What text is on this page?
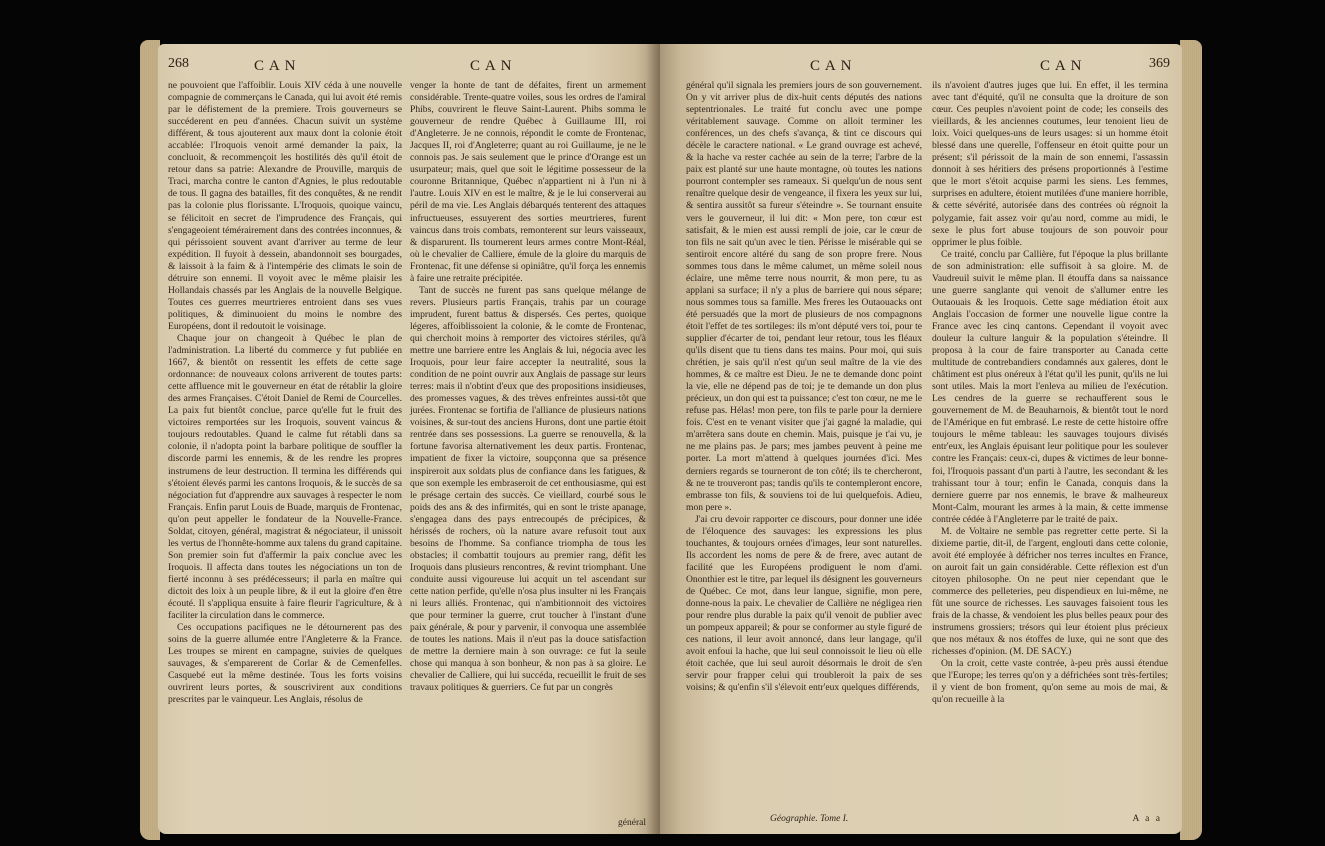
268	C A N	C A N

ne pouvoient que l'affoiblir. Louis XIV céda à une nouvelle compagnie de commerçans le Canada, qui lui avoit été remis par le défistement de la premiere. Trois gouverneurs se succéderent en peu d'années. Chacun suivit un système différent, & tous ajouterent aux maux dont la colonie étoit accablée: l'Iroquois venoit armé demander la paix, la concluoit, & recommençoit les hostilités dès qu'il étoit de retour dans sa patrie: Alexandre de Prouville, marquis de Traci, marcha contre le canton d'Agnies, le plus redoutable de tous. Il gagna des batailles, fit des conquêtes, & ne rendit pas la colonie plus florissante. L'Iroquois, quoique vaincu, se félicitoit en secret de l'imprudence des Français, qui s'engageoient témérairement dans des contrées inconnues, & qui périssoient souvent avant d'arriver au terme de leur expédition. Il fuyoit à dessein, abandonnoit ses bourgades, & laissoit à la faim & à l'intempérie des climats le soin de détruire son ennemi. Il voyoit avec le même plaisir les Hollandais chassés par les Anglais de la nouvelle Belgique. Toutes ces guerres meurtrieres entroient dans ses vues politiques, & diminuoient du moins le nombre des Européens, dont il redoutoit le voisinage.

Chaque jour on changeoit à Québec le plan de l'administration. La liberté du commerce y fut publiée en 1667, & bientôt on ressentit les effets de cette sage ordonnance: de nouveaux colons arriverent de toutes parts: cette affluence mit le gouverneur en état de rétablir la gloire des armes Françaises. C'étoit Daniel de Remi de Courcelles. La paix fut bientôt conclue, parce qu'elle fut le fruit des victoires remportées sur les Iroquois, souvent vaincus & toujours redoutables. Quand le calme fut rétabli dans sa colonie, il n'adopta point la barbare politique de souffler la discorde parmi les ennemis, & de les rendre les propres instrumens de leur destruction. Il termina les différends qui s'étoient élevés parmi les cantons Iroquois, & le succès de sa négociation fut d'apprendre aux sauvages à respecter le nom Français. Enfin parut Louis de Buade, marquis de Frontenac, qu'on peut appeller le fondateur de la Nouvelle-France. Soldat, citoyen, général, magistrat & négociateur, il unissoit les vertus de l'honnête-homme aux talens du grand capitaine. Son premier soin fut d'affermir la paix conclue avec les Iroquois. Il affecta dans toutes les négociations un ton de fierté inconnu à ses prédécesseurs; il parla en maître qui dictoit des loix à un peuple libre, & il eut la gloire d'en être écouté. Il s'appliqua ensuite à faire fleurir l'agriculture, & à faciliter la circulation dans le commerce.

Ces occupations pacifiques ne le détournerent pas des soins de la guerre allumée entre l'Angleterre & la France. Les troupes se mirent en campagne, suivies de quelques sauvages, & s'emparerent de Corlar & de Cemenfelles. Casquebé eut la même destinée. Tous les forts voisins ouvrirent leurs portes, & souscrivirent aux conditions prescrites par le vainqueur. Les Anglais, résolus de

venger la honte de tant de défaites, firent un armement considérable. Trente-quatre voiles, sous les ordres de l'amiral Phibs, couvrirent le fleuve Saint-Laurent. Phibs somma le gouverneur de rendre Québec à Guillaume III, roi d'Angleterre. Je ne connois, répondit le comte de Frontenac, Jacques II, roi d'Angleterre; quant au roi Guillaume, je ne le connois pas. Je sais seulement que le prince d'Orange est un usurpateur; mais, quel que soit le légitime possesseur de la couronne Britannique, Québec n'appartient ni à l'un ni à l'autre. Louis XIV en est le maître, & je le lui conserverai au péril de ma vie. Les Anglais débarqués tenterent des attaques infructueuses, essuyerent des sorties meurtrieres, furent vaincus dans trois combats, remonterent sur leurs vaisseaux, & disparurent. Ils tournerent leurs armes contre Mont-Réal, où le chevalier de Calliere, émule de la gloire du marquis de Frontenac, fit une défense si opiniâtre, qu'il força les ennemis à faire une retraite précipitée.

Tant de succès ne furent pas sans quelque mélange de revers. Plusieurs partis Français, trahis par un courage imprudent, furent battus & dispersés. Ces pertes, quoique légeres, affoiblissoient la colonie, & le comte de Frontenac, qui cherchoit moins à remporter des victoires stériles, qu'à mettre une barriere entre les Anglais & lui, négocia avec les Iroquois, pour leur faire accepter la neutralité, sous la condition de ne point ouvrir aux Anglais de passage sur leurs terres: mais il n'obtint d'eux que des propositions insidieuses, des promesses vagues, & des trèves enfreintes aussi-tôt que jurées. Frontenac se fortifia de l'alliance de plusieurs nations voisines, & sur-tout des anciens Hurons, dont une partie étoit rentrée dans ses possessions. La guerre se renouvella, & la fortune favorisa alternativement les deux partis. Frontenac, impatient de fixer la victoire, soupçonna que sa présence inspireroit aux soldats plus de confiance dans les fatigues, & que son exemple les embraseroit de cet enthousiasme, qui est le présage certain des succès. Ce vieillard, courbé sous le poids des ans & des infirmités, qui en sont le triste apanage, s'engagea dans des pays entrecoupés de précipices, & hérissés de rochers, où la nature avare refusoit tout aux besoins de l'homme. Sa confiance triompha de tous les obstacles; il combattit toujours au premier rang, défit les Iroquois dans plusieurs rencontres, & revint triomphant. Une conduite aussi vigoureuse lui acquit un tel ascendant sur cette nation perfide, qu'elle n'osa plus insulter ni les Français ni leurs alliés. Frontenac, qui n'ambitionnoit des victoires que pour terminer la guerre, crut toucher à l'instant d'une paix générale, & pour y parvenir, il convoqua une assemblée de toutes les nations. Mais il n'eut pas la douce satisfaction de mettre la derniere main à son ouvrage: ce fut la seule chose qui manqua à son bonheur, & non pas à sa gloire. Le chevalier de Calliere, qui lui succéda, recueillit le fruit de ses travaux politiques & guerriers. Ce fut par un congrès

général
C A N	C A N	369

général qu'il signala les premiers jours de son gouvernement. On y vit arriver plus de dix-huit cents députés des nations septentrionales. Le traité fut conclu avec une pompe véritablement sauvage. Comme on alloit terminer les conférences, un des chefs s'avança, & tint ce discours qui décèle le caractere national. « Le grand ouvrage est achevé, & la hache va rester cachée au sein de la terre; l'arbre de la paix est planté sur une haute montagne, où toutes les nations pourront contempler ses rameaux. Si quelqu'un de nous sent renaître quelque desir de vengeance, il fixera les yeux sur lui, & sentira aussitôt sa fureur s'éteindre ». Se tournant ensuite vers le gouverneur, il lui dit: « Mon pere, ton cœur est satisfait, & le mien est aussi rempli de joie, car le cœur de ton fils ne sait qu'un avec le tien. Périsse le misérable qui se sentiroit encore altéré du sang de son propre frere. Nous sommes tous dans le même calumet, un même soleil nous éclaire, une même terre nous nourrit, & mon pere, tu as applani sa surface; il n'y a plus de barriere qui nous sépare; nous sommes tous sa famille. Mes freres les Outaouacks ont été persuadés que la mort de plusieurs de nos compagnons étoit l'effet de tes sortileges: ils m'ont député vers toi, pour te supplier d'écarter de toi, pendant leur retour, tous les fléaux qu'ils disent que tu tiens dans tes mains. Pour moi, qui suis chrétien, je sais qu'il n'est qu'un seul maître de la vie des hommes, & ce maître est Dieu. Je ne te demande donc point la vie, elle ne dépend pas de toi; je te demande un don plus précieux, un don qui est ta puissance; c'est ton cœur, ne me le refuse pas. Hélas! mon pere, ton fils te parle pour la derniere fois. C'est en te venant visiter que j'ai gagné la maladie, qui m'arrêtera sans doute en chemin. Mais, puisque je t'ai vu, je ne me plains pas. Je pars; mes jambes peuvent à peine me porter. La mort m'attend à quelques journées d'ici. Mes derniers regards se tourneront de ton côté; ils te chercheront, & ne te trouveront pas; tandis qu'ils te contempleront encore, embrasse ton fils, & souviens toi de lui quelquefois. Adieu, mon pere ».

J'ai cru devoir rapporter ce discours, pour donner une idée de l'éloquence des sauvages: les expressions les plus touchantes, & toujours ornées d'images, leur sont naturelles. Ils accordent les noms de pere & de frere, avec autant de facilité que les Européens prodiguent le nom d'ami. Ononthier est le titre, par lequel ils désignent les gouverneurs de Québec. Ce mot, dans leur langue, signifie, mon pere, donne-nous la paix. Le chevalier de Callière ne négligea rien pour rendre plus durable la paix qu'il venoit de publier avec un pompeux appareil; & pour se conformer au style figuré de ces nations, il leur avoit annoncé, dans leur langage, qu'il avoit enfoui la hache, que lui seul connoissoit le lieu où elle étoit cachée, que lui seul auroit désormais le droit de s'en servir pour frapper celui qui troubleroit la paix de ses voisins; & qu'enfin s'il s'élevoit entr'eux quelques différends,

ils n'avoient d'autres juges que lui. En effet, il les termina avec tant d'équité, qu'il ne consulta que la droiture de son cœur. Ces peuples n'avoient point de code; les conseils des vieillards, & les anciennes coutumes, leur tenoient lieu de loix. Voici quelques-uns de leurs usages: si un homme étoit blessé dans une querelle, l'offenseur en étoit quitte pour un présent; s'il périssoit de la main de son ennemi, l'assassin donnoit à ses héritiers des présens proportionnés à l'estime que le mort s'étoit acquise parmi les siens. Les femmes, surprises en adultere, étoient mutilées d'une maniere horrible, & cette sévérité, autorisée dans des contrées où régnoit la polygamie, fait assez voir qu'au nord, comme au midi, le sexe le plus fort abuse toujours de son pouvoir pour opprimer le plus foible.

Ce traité, conclu par Callière, fut l'époque la plus brillante de son administration: elle suffisoit à sa gloire. M. de Vaudreuil suivit le même plan. Il étouffa dans sa naissance une guerre sanglante qui venoit de s'allumer entre les Outaouais & les Iroquois. Cette sage médiation étoit aux Anglais l'occasion de former une nouvelle ligue contre la France avec les cinq cantons. Cependant il voyoit avec douleur la culture languir & la population s'éteindre. Il proposa à la cour de faire transporter au Canada cette multitude de contrebandiers condamnés aux galeres, dont le châtiment est plus onéreux à l'état qu'il les punit, qu'ils ne lui sont utiles. Mais la mort l'enleva au milieu de l'exécution. Les cendres de la guerre se rechaufferent sous le gouvernement de M. de Beauharnois, & bientôt tout le nord de l'Amérique en fut embrasé. Le reste de cette histoire offre toujours le même tableau: les sauvages toujours divisés entr'eux, les Anglais épuisant leur politique pour les soulever contre les Français: ceux-ci, dupes & victimes de leur bonne-foi, l'Iroquois passant d'un parti à l'autre, les secondant & les trahissant tour à tour; enfin le Canada, conquis dans la derniere guerre par nos ennemis, le brave & malheureux Mont-Calm, mourant les armes à la main, & cette immense contrée cédée à l'Angleterre par le traité de paix.

M. de Voltaire ne semble pas regretter cette perte. Si la dixieme partie, dit-il, de l'argent, englouti dans cette colonie, avoit été employée à défricher nos terres incultes en France, on auroit fait un gain considérable. Cette réflexion est d'un citoyen philosophe. On ne peut nier cependant que le commerce des pelleteries, peu dispendieux en lui-même, ne fût une source de richesses. Les sauvages faisoient tous les frais de la chasse, & vendoient les plus belles peaux pour des instrumens grossiers; trésors qui leur étoient plus précieux que nos métaux & nos étoffes de luxe, qui ne sont que des richesses d'opinion. (M. DE SACY.)

On la croit, cette vaste contrée, à-peu près aussi étendue que l'Europe; les terres qu'on y a défrichées sont très-fertiles; il y vient de bon froment, qu'on seme au mois de mai, & qu'on recueille à la

Géographie. Tome I.	A a a
